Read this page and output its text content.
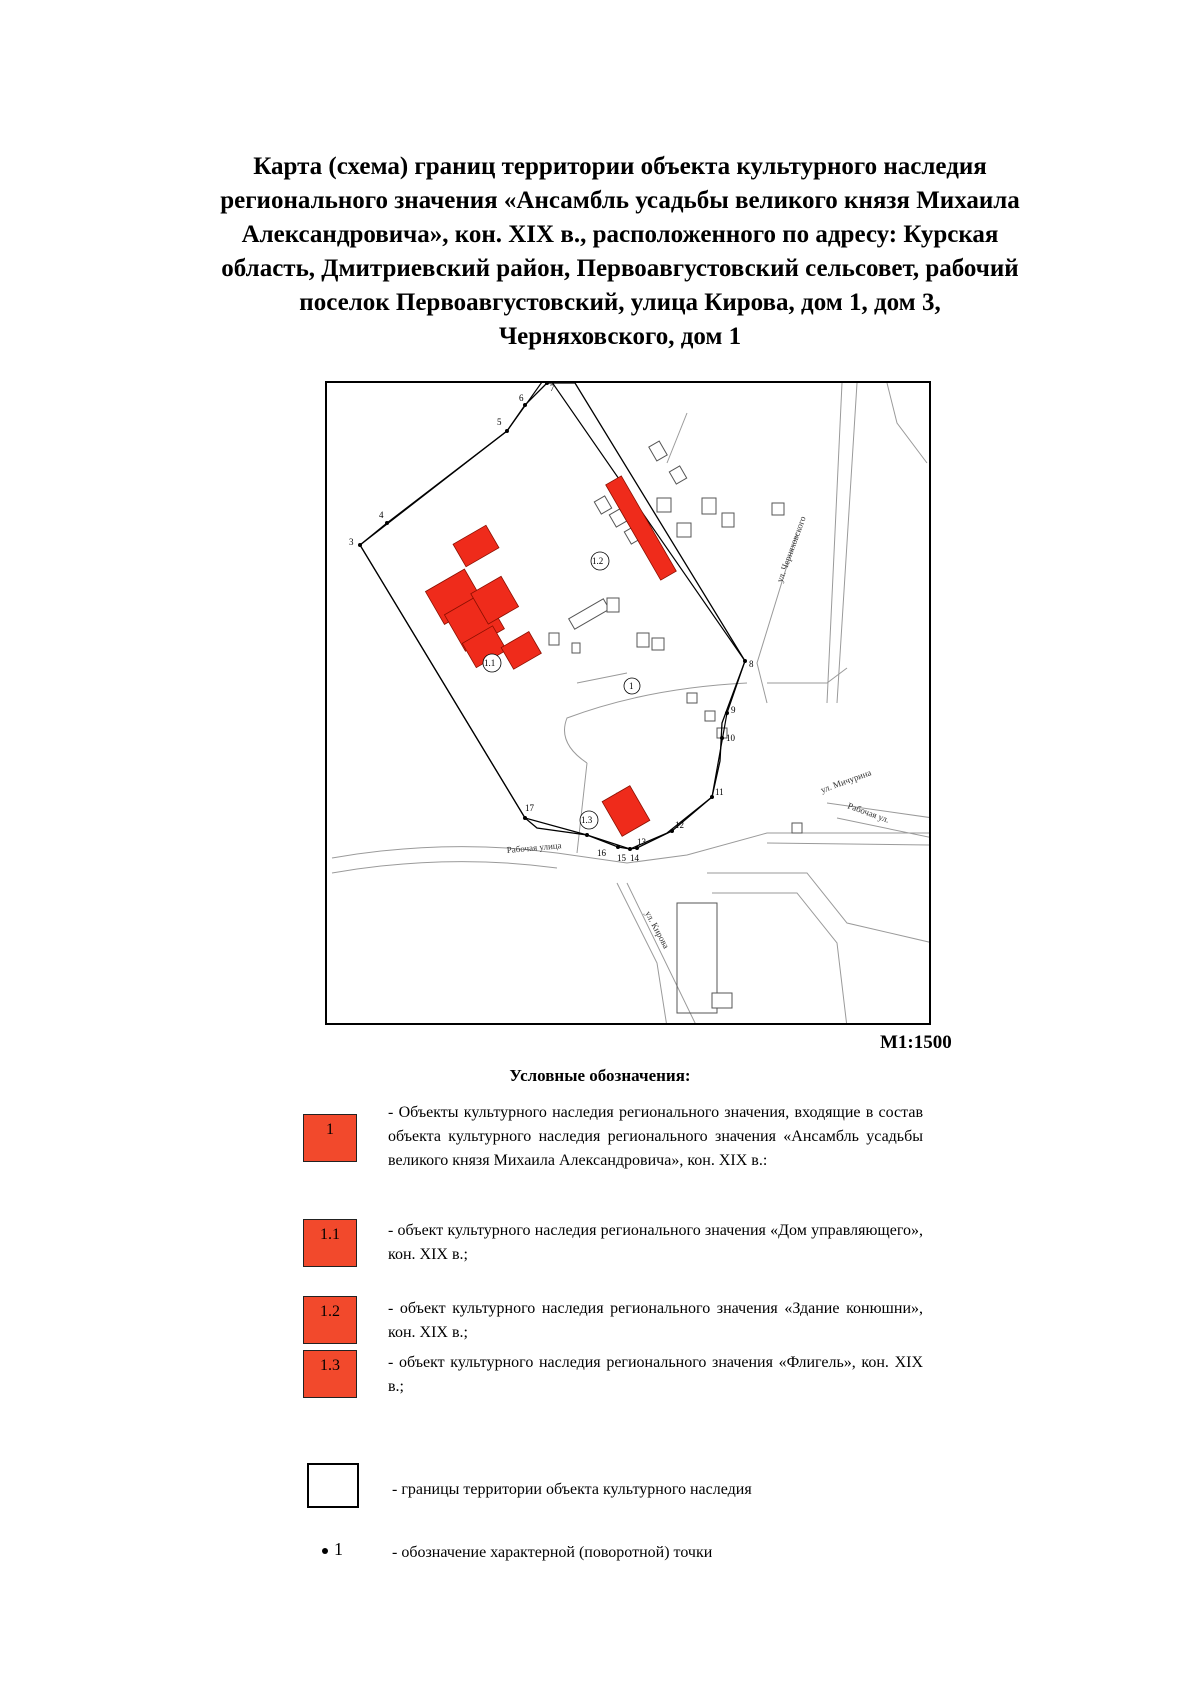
Карта (схема) границ территории объекта культурного наследия
регионального значения «Ансамбль усадьбы великого князя Михаила
Александровича», кон. XIX в., расположенного по адресу: Курская
область, Дмитриевский район, Первоавгустовский сельсовет, рабочий
поселок Первоавгустовский, улица Кирова, дом 1, дом 3,
Черняховского, дом 1
3
4
5
6
7
8
9
10
11
12
13
14
15
16
17
1
1.1
1.2
1.3
Рабочая улица
ул. Кирова
ул. Черняховского
ул. Мичурина
Рабочая ул.
М1:1500
Условные обозначения:
1
- Объекты культурного наследия регионального значения, входящие в состав объекта культурного наследия регионального значения «Ансамбль усадьбы великого князя Михаила Александровича», кон. XIX в.:
1.1	- объект культурного наследия регионального значения «Дом управляющего», кон. XIX в.;
1.2	- объект культурного наследия регионального значения «Здание конюшни», кон. XIX в.;
1.3	- объект культурного наследия регионального значения «Флигель», кон. XIX в.;
- границы территории объекта культурного наследия
1	- обозначение характерной (поворотной) точки
